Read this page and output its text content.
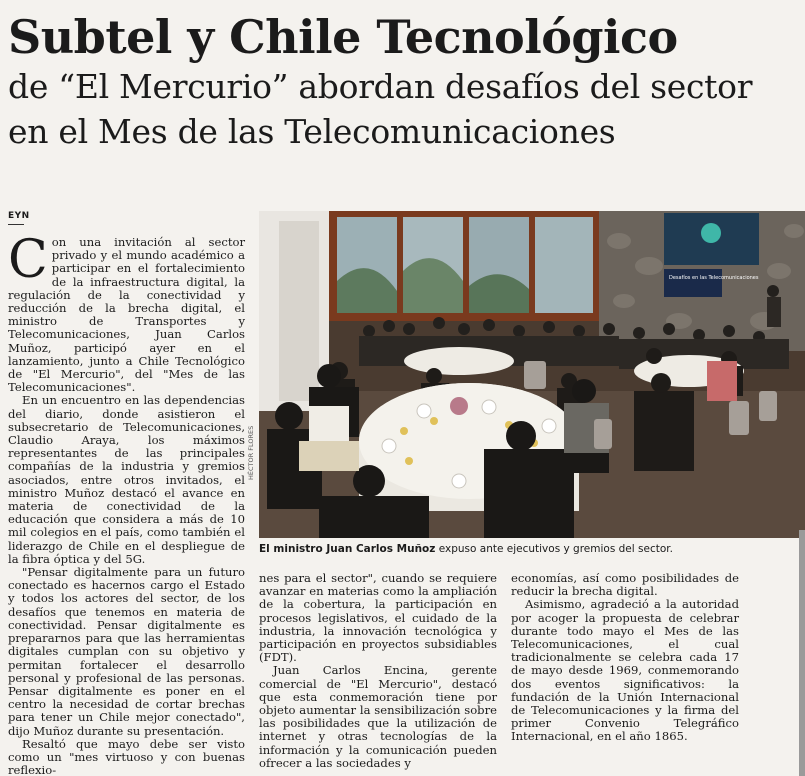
Subtel y Chile Tecnológico
de “El Mercurio” abordan desafíos del sector
en el Mes de las Telecomunicaciones
EYN

Con una invitación al sector privado y el mundo académico a participar en el fortalecimiento de la infraestructura digital, la regulación de la conectividad y reducción de la brecha digital, el ministro de Transportes y Telecomunicaciones, Juan Carlos Muñoz, participó ayer en el lanzamiento, junto a Chile Tecnológico de "El Mercurio", del "Mes de las Telecomunicaciones".

En un encuentro en las dependencias del diario, donde asistieron el subsecretario de Telecomunicaciones, Claudio Araya, los máximos representantes de las principales compañías de la industria y gremios asociados, entre otros invitados, el ministro Muñoz destacó el avance en materia de conectividad de la educación que considera a más de 10 mil colegios en el país, como también el liderazgo de Chile en el despliegue de la fibra óptica y del 5G.

"Pensar digitalmente para un futuro conectado es hacernos cargo el Estado y todos los actores del sector, de los desafíos que tenemos en materia de conectividad. Pensar digitalmente es prepararnos para que las herramientas digitales cumplan con su objetivo y permitan fortalecer el desarrollo personal y profesional de las personas. Pensar digitalmente es poner en el centro la necesidad de cortar brechas para tener un Chile mejor conectado", dijo Muñoz durante su presentación.

Resaltó que mayo debe ser visto como un "mes virtuoso y con buenas reflexio-

Desafíos en las Telecomunicaciones
HÉCTOR FLORES
El ministro Juan Carlos Muñoz expuso ante ejecutivos y gremios del sector.

nes para el sector", cuando se requiere avanzar en materias como la ampliación de la cobertura, la participación en procesos legislativos, el cuidado de la industria, la innovación tecnológica y participación en proyectos subsidiables (FDT).

Juan Carlos Encina, gerente comercial de "El Mercurio", destacó que esta conmemoración tiene por objeto aumentar la sensibilización sobre las posibilidades que la utilización de internet y otras tecnologías de la información y la comunicación pueden ofrecer a las sociedades y

economías, así como posibilidades de reducir la brecha digital.

Asimismo, agradeció a la autoridad por acoger la propuesta de celebrar durante todo mayo el Mes de las Telecomunicaciones, el cual tradicionalmente se celebra cada 17 de mayo desde 1969, conmemorando dos eventos significativos: la fundación de la Unión Internacional de Telecomunicaciones y la firma del primer Convenio Telegráfico Internacional, en el año 1865.
